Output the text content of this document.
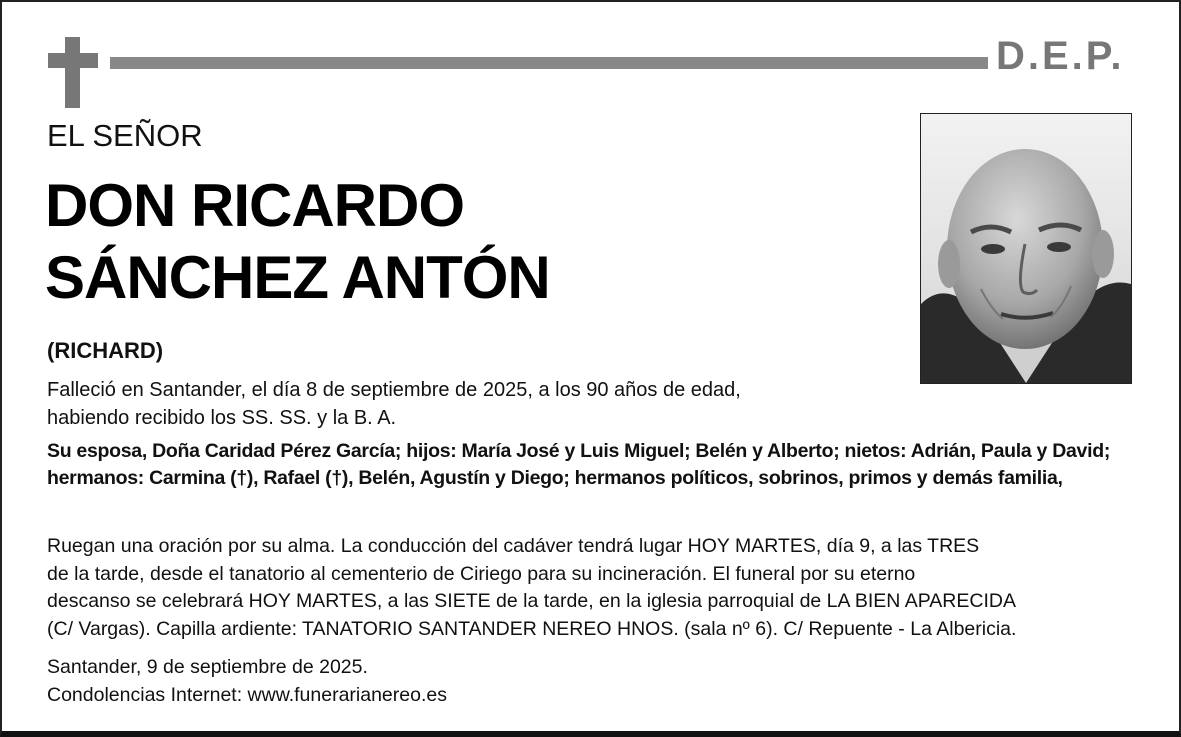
D.E.P.
EL SEÑOR
DON RICARDO
SÁNCHEZ ANTÓN
(RICHARD)
Falleció en Santander, el día 8 de septiembre de 2025, a los 90 años de edad,
habiendo recibido los SS. SS. y la B. A.
Su esposa, Doña Caridad Pérez García; hijos: María José y Luis Miguel; Belén y Alberto; nietos: Adrián, Paula y David; hermanos: Carmina (†), Rafael (†), Belén, Agustín y Diego; hermanos políticos, sobrinos, primos y demás familia,
Ruegan una oración por su alma. La conducción del cadáver tendrá lugar HOY MARTES, día 9, a las TRES
de la tarde, desde el tanatorio al cementerio de Ciriego para su incineración. El funeral por su eterno
descanso se celebrará HOY MARTES, a las SIETE de la tarde, en la iglesia parroquial de LA BIEN APARECIDA
(C/ Vargas). Capilla ardiente: TANATORIO SANTANDER NEREO HNOS. (sala nº 6). C/ Repuente - La Albericia.
Santander, 9 de septiembre de 2025.
Condolencias Internet: www.funerarianereo.es
